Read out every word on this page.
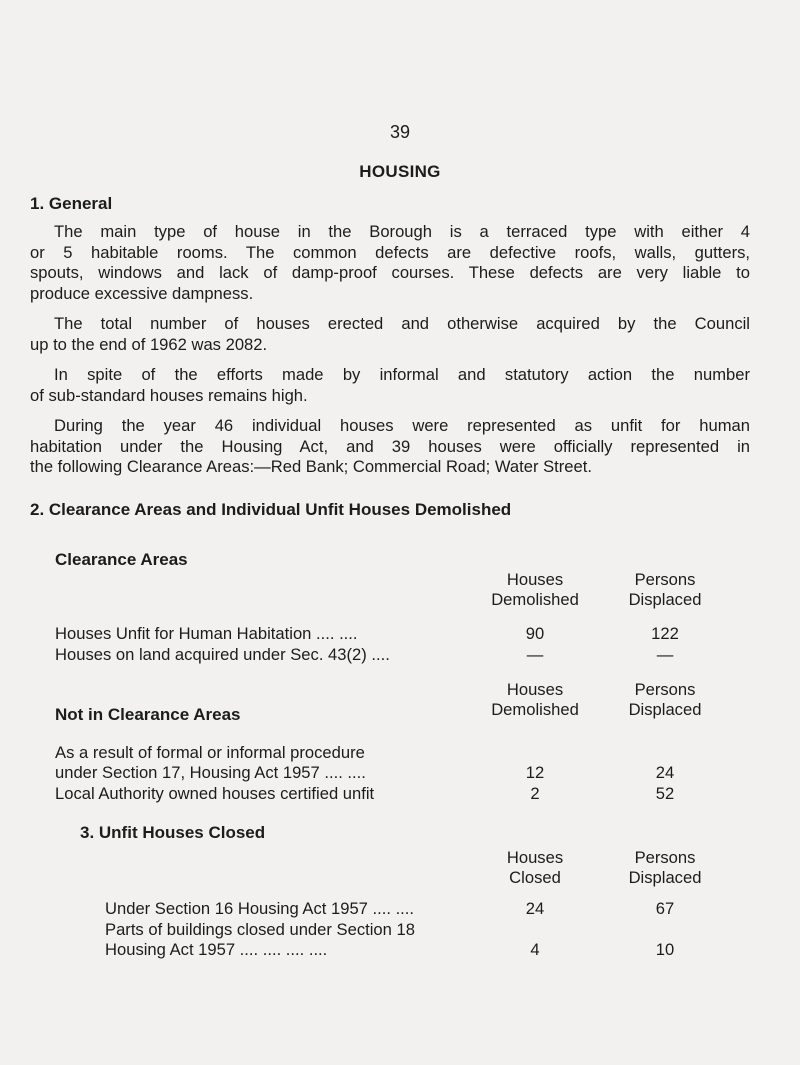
39
HOUSING
1. General
The main type of house in the Borough is a terraced type with either 4
or 5 habitable rooms. The common defects are defective roofs, walls, gutters,
spouts, windows and lack of damp-proof courses. These defects are very liable to
produce excessive dampness.
The total number of houses erected and otherwise acquired by the Council
up to the end of 1962 was 2082.
In spite of the efforts made by informal and statutory action the number
of sub-standard houses remains high.
During the year 46 individual houses were represented as unfit for human
habitation under the Housing Act, and 39 houses were officially represented in
the following Clearance Areas:—Red Bank; Commercial Road; Water Street.
2. Clearance Areas and Individual Unfit Houses Demolished
Clearance Areas
Houses
Demolished
Persons
Displaced
Houses Unfit for Human Habitation .... ....	90	122
Houses on land acquired under Sec. 43(2) ....	—	—
Houses
Demolished
Persons
Displaced
Not in Clearance Areas
As a result of formal or informal procedure
under Section 17, Housing Act 1957 .... ....	12	24
Local Authority owned houses certified unfit	2	52
3. Unfit Houses Closed
Houses
Closed
Persons
Displaced
Under Section 16 Housing Act 1957 .... ....	24	67
Parts of buildings closed under Section 18
Housing Act 1957 .... .... .... ....	4	10
